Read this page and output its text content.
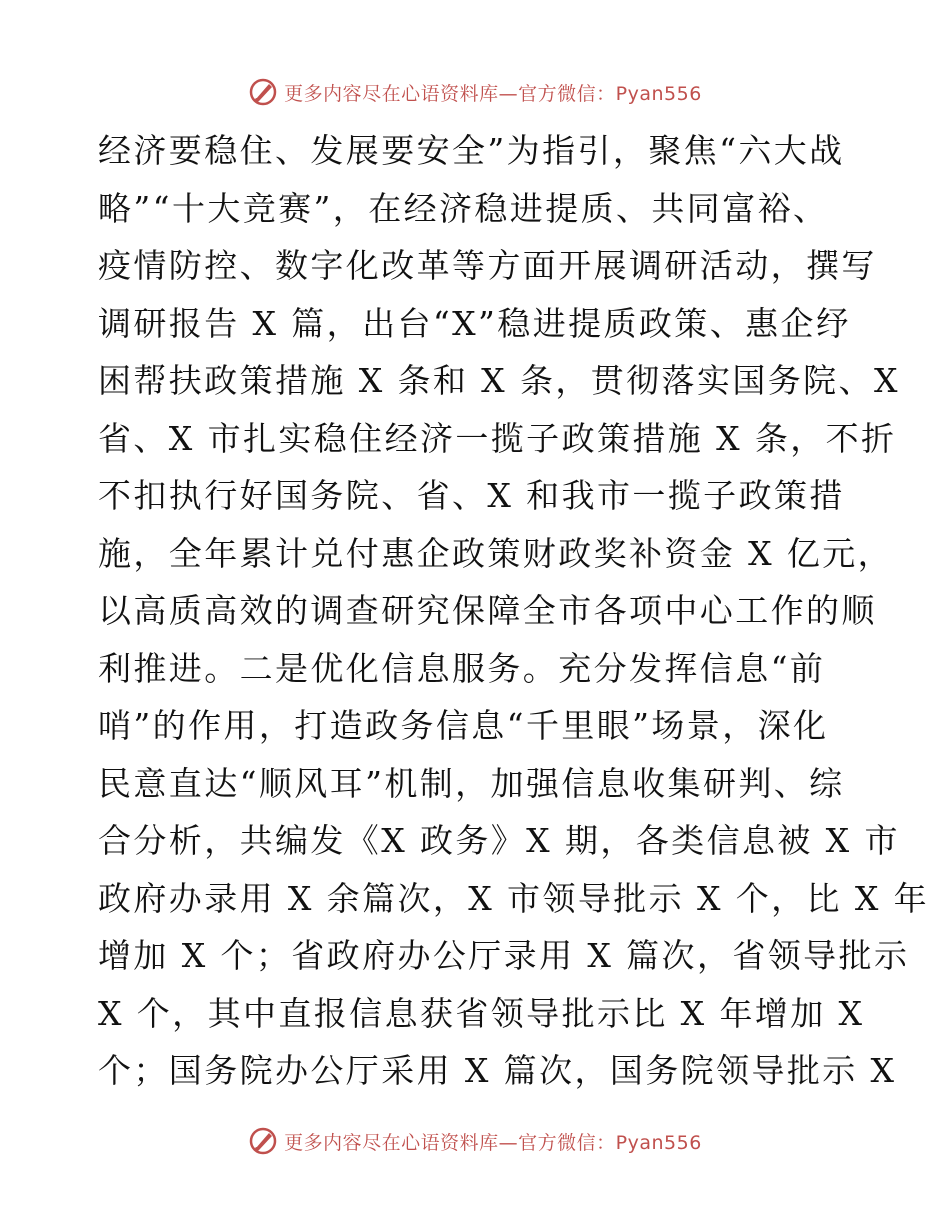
更多内容尽在心语资料库—官方微信：Pyan556
经济要稳住、发展要安全”为指引，聚焦“六大战
略”“十大竞赛”，在经济稳进提质、共同富裕、
疫情防控、数字化改革等方面开展调研活动，撰写
调研报告 X 篇，出台“X”稳进提质政策、惠企纾
困帮扶政策措施 X 条和 X 条，贯彻落实国务院、X
省、X 市扎实稳住经济一揽子政策措施 X 条，不折
不扣执行好国务院、省、X 和我市一揽子政策措
施，全年累计兑付惠企政策财政奖补资金 X 亿元，
以高质高效的调查研究保障全市各项中心工作的顺
利推进。二是优化信息服务。充分发挥信息“前
哨”的作用，打造政务信息“千里眼”场景，深化
民意直达“顺风耳”机制，加强信息收集研判、综
合分析，共编发《X 政务》X 期，各类信息被 X 市
政府办录用 X 余篇次，X 市领导批示 X 个，比 X 年
增加 X 个；省政府办公厅录用 X 篇次，省领导批示
X 个，其中直报信息获省领导批示比 X 年增加 X
个；国务院办公厅采用 X 篇次，国务院领导批示 X
更多内容尽在心语资料库—官方微信：Pyan556
